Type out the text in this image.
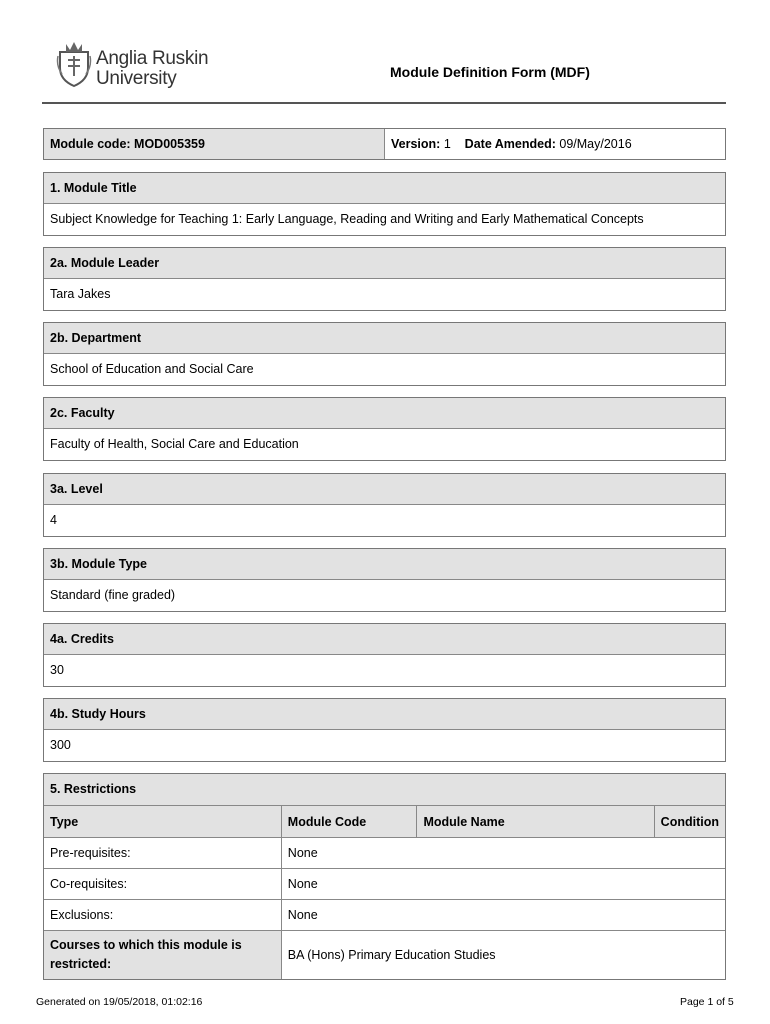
Anglia Ruskin
University	Module Definition Form (MDF)
Module code: MOD005359	Version: 1 Date Amended: 09/May/2016
1. Module Title
Subject Knowledge for Teaching 1: Early Language, Reading and Writing and Early Mathematical Concepts
2a. Module Leader
Tara Jakes
2b. Department
School of Education and Social Care
2c. Faculty
Faculty of Health, Social Care and Education
3a. Level
4
3b. Module Type
Standard (fine graded)
4a. Credits
30
4b. Study Hours
300
5. Restrictions
Type	Module Code	Module Name	Condition
Pre-requisites:	None		
Co-requisites:	None		
Exclusions:	None		
Courses to which this module is restricted:	BA (Hons) Primary Education Studies		
Generated on 19/05/2018, 01:02:16	Page 1 of 5
